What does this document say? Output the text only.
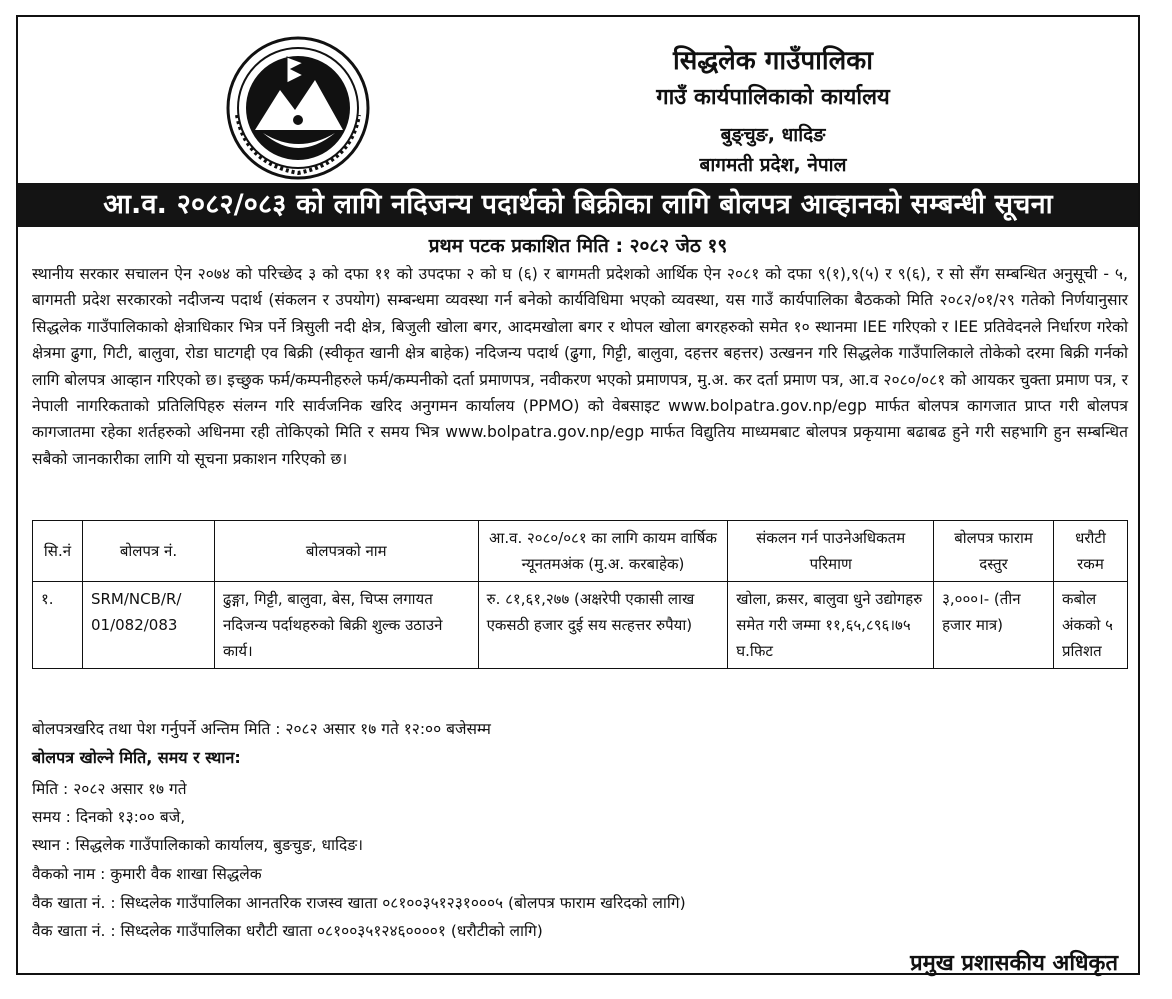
सिद्धलेक गाउँपालिका
गाउँ कार्यपालिकाको कार्यालय
बुङ्चुङ, धादिङ
बागमती प्रदेश, नेपाल
आ.व. २०८२/०८३ को लागि नदिजन्य पदार्थको बिक्रीका लागि बोलपत्र आव्हानको सम्बन्धी सूचना
प्रथम पटक प्रकाशित मिति : २०८२ जेठ १९
स्थानीय सरकार सचालन ऐन २०७४ को परिच्छेद ३ को दफा ११ को उपदफा २ को घ (६) र बागमती प्रदेशको आर्थिक ऐन २०८१ को दफा ९(१),९(५) र ९(६), र सो सँग सम्बन्धित अनुसूची - ५, बागमती प्रदेश सरकारको नदीजन्य पदार्थ (संकलन र उपयोग) सम्बन्धमा व्यवस्था गर्न बनेको कार्यविधिमा भएको व्यवस्था, यस गाउँ कार्यपालिका बैठकको मिति २०८२/०१/२९ गतेको निर्णयानुसार सिद्धलेक गाउँपालिकाको क्षेत्राधिकार भित्र पर्ने त्रिसुली नदी क्षेत्र, बिजुली खोला बगर, आदमखोला बगर र थोपल खोला बगरहरुको समेत १० स्थानमा IEE गरिएको र IEE प्रतिवेदनले निर्धारण गरेको क्षेत्रमा ढुगा, गिटी, बालुवा, रोडा घाटगद्दी एव बिक्री (स्वीकृत खानी क्षेत्र बाहेक) नदिजन्य पदार्थ (ढुगा, गिट्टी, बालुवा, दहत्तर बहत्तर) उत्खनन गरि सिद्धलेक गाउँपालिकाले तोकेको दरमा बिक्री गर्नको लागि बोलपत्र आव्हान गरिएको छ। इच्छुक फर्म/कम्पनीहरुले फर्म/कम्पनीको दर्ता प्रमाणपत्र, नवीकरण भएको प्रमाणपत्र, मु.अ. कर दर्ता प्रमाण पत्र, आ.व २०८०/०८१ को आयकर चुक्ता प्रमाण पत्र, र नेपाली नागरिकताको प्रतिलिपिहरु संलग्न गरि सार्वजनिक खरिद अनुगमन कार्यालय (PPMO) को वेबसाइट www.bolpatra.gov.np/egp मार्फत बोलपत्र कागजात प्राप्त गरी बोलपत्र कागजातमा रहेका शर्तहरुको अधिनमा रही तोकिएको मिति र समय भित्र www.bolpatra.gov.np/egp मार्फत विद्युतिय माध्यमबाट बोलपत्र प्रकृयामा बढाबढ हुने गरी सहभागि हुन सम्बन्धित सबैको जानकारीका लागि यो सूचना प्रकाशन गरिएको छ।
सि.नं	बोलपत्र नं.	बोलपत्रको नाम	आ.व. २०८०/०८१ का लागि कायम वार्षिक न्यूनतमअंक (मु.अ. करबाहेक)	संकलन गर्न पाउनेअधिकतम परिमाण	बोलपत्र फाराम दस्तुर	धरौटी रकम
१.	SRM/NCB/R/ 01/082/083	ढुङ्गा, गिट्टी, बालुवा, बेस, चिप्स लगायत नदिजन्य पर्दाथहरुको बिक्री शुल्क उठाउने कार्य।	रु. ८१,६१,२७७ (अक्षरेपी एकासी लाख एकसठी हजार दुई सय सत्हत्तर रुपैया)	खोला, क्रसर, बालुवा धुने उद्योगहरु समेत गरी जम्मा ११,६५,८९६।७५ घ.फिट	३,०००।- (तीन हजार मात्र)	कबोल अंकको ५ प्रतिशत
बोलपत्रखरिद तथा पेश गर्नुपर्ने अन्तिम मिति : २०८२ असार १७ गते १२:०० बजेसम्म
बोलपत्र खोल्ने मिति, समय र स्थान:
मिति : २०८२ असार १७ गते
समय : दिनको १३:०० बजे,
स्थान : सिद्धलेक गाउँपालिकाको कार्यालय, बुङचुङ, धादिङ।
वैकको नाम : कुमारी वैक शाखा सिद्धलेक
वैक खाता नं. : सिध्दलेक गाउँपालिका आनतरिक राजस्व खाता ०८१००३५१२३१०००५ (बोलपत्र फाराम खरिदको लागि)
वैक खाता नं. : सिध्दलेक गाउँपालिका धरौटी खाता ०८१००३५१२४६००००१ (धरौटीको लागि)
प्रमुख प्रशासकीय अधिकृत
